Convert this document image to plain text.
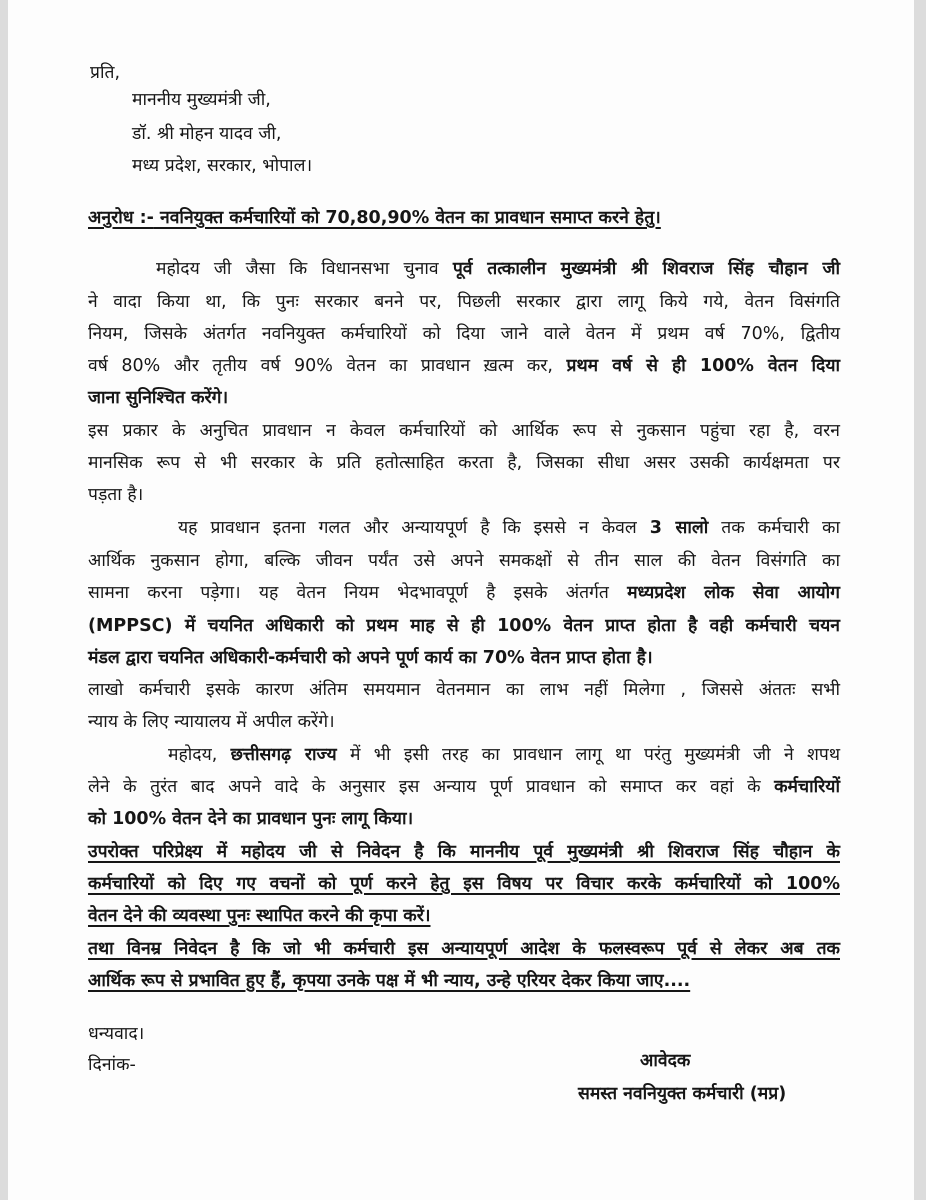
प्रति,
माननीय मुख्यमंत्री जी,
डॉ. श्री मोहन यादव जी,
मध्य प्रदेश, सरकार, भोपाल।
अनुरोध :- नवनियुक्त कर्मचारियों को 70,80,90% वेतन का प्रावधान समाप्त करने हेतु।
महोदय जी जैसा कि विधानसभा चुनाव पूर्व तत्कालीन मुख्यमंत्री श्री शिवराज सिंह चौहान जी
ने वादा किया था, कि पुनः सरकार बनने पर, पिछली सरकार द्वारा लागू किये गये, वेतन विसंगति
नियम, जिसके अंतर्गत नवनियुक्त कर्मचारियों को दिया जाने वाले वेतन में प्रथम वर्ष 70%, द्वितीय
वर्ष 80% और तृतीय वर्ष 90% वेतन का प्रावधान ख़त्म कर, प्रथम वर्ष से ही 100% वेतन दिया
जाना सुनिश्चित करेंगे।
इस प्रकार के अनुचित प्रावधान न केवल कर्मचारियों को आर्थिक रूप से नुकसान पहुंचा रहा है, वरन
मानसिक रूप से भी सरकार के प्रति हतोत्साहित करता है, जिसका सीधा असर उसकी कार्यक्षमता पर
पड़ता है।
यह प्रावधान इतना गलत और अन्यायपूर्ण है कि इससे न केवल 3 सालो तक कर्मचारी का
आर्थिक नुकसान होगा, बल्कि जीवन पर्यंत उसे अपने समकक्षों से तीन साल की वेतन विसंगति का
सामना करना पड़ेगा। यह वेतन नियम भेदभावपूर्ण है इसके अंतर्गत मध्यप्रदेश लोक सेवा आयोग
(MPPSC) में चयनित अधिकारी को प्रथम माह से ही 100% वेतन प्राप्त होता है वही कर्मचारी चयन
मंडल द्वारा चयनित अधिकारी-कर्मचारी को अपने पूर्ण कार्य का 70% वेतन प्राप्त होता है।
लाखो कर्मचारी इसके कारण अंतिम समयमान वेतनमान का लाभ नहीं मिलेगा , जिससे अंततः सभी
न्याय के लिए न्यायालय में अपील करेंगे।
महोदय, छत्तीसगढ़ राज्य में भी इसी तरह का प्रावधान लागू था परंतु मुख्यमंत्री जी ने शपथ
लेने के तुरंत बाद अपने वादे के अनुसार इस अन्याय पूर्ण प्रावधान को समाप्त कर वहां के कर्मचारियों
को 100% वेतन देने का प्रावधान पुनः लागू किया।
उपरोक्त परिप्रेक्ष्य में महोदय जी से निवेदन है कि माननीय पूर्व मुख्यमंत्री श्री शिवराज सिंह चौहान के
कर्मचारियों को दिए गए वचनों को पूर्ण करने हेतु इस विषय पर विचार करके कर्मचारियों को 100%
वेतन देने की व्यवस्था पुनः स्थापित करने की कृपा करें।
तथा विनम्र निवेदन है कि जो भी कर्मचारी इस अन्यायपूर्ण आदेश के फलस्वरूप पूर्व से लेकर अब तक
आर्थिक रूप से प्रभावित हुए हैं, कृपया उनके पक्ष में भी न्याय, उन्हे एरियर देकर किया जाए....
धन्यवाद।
दिनांक-	आवेदक
समस्त नवनियुक्त कर्मचारी (मप्र)
